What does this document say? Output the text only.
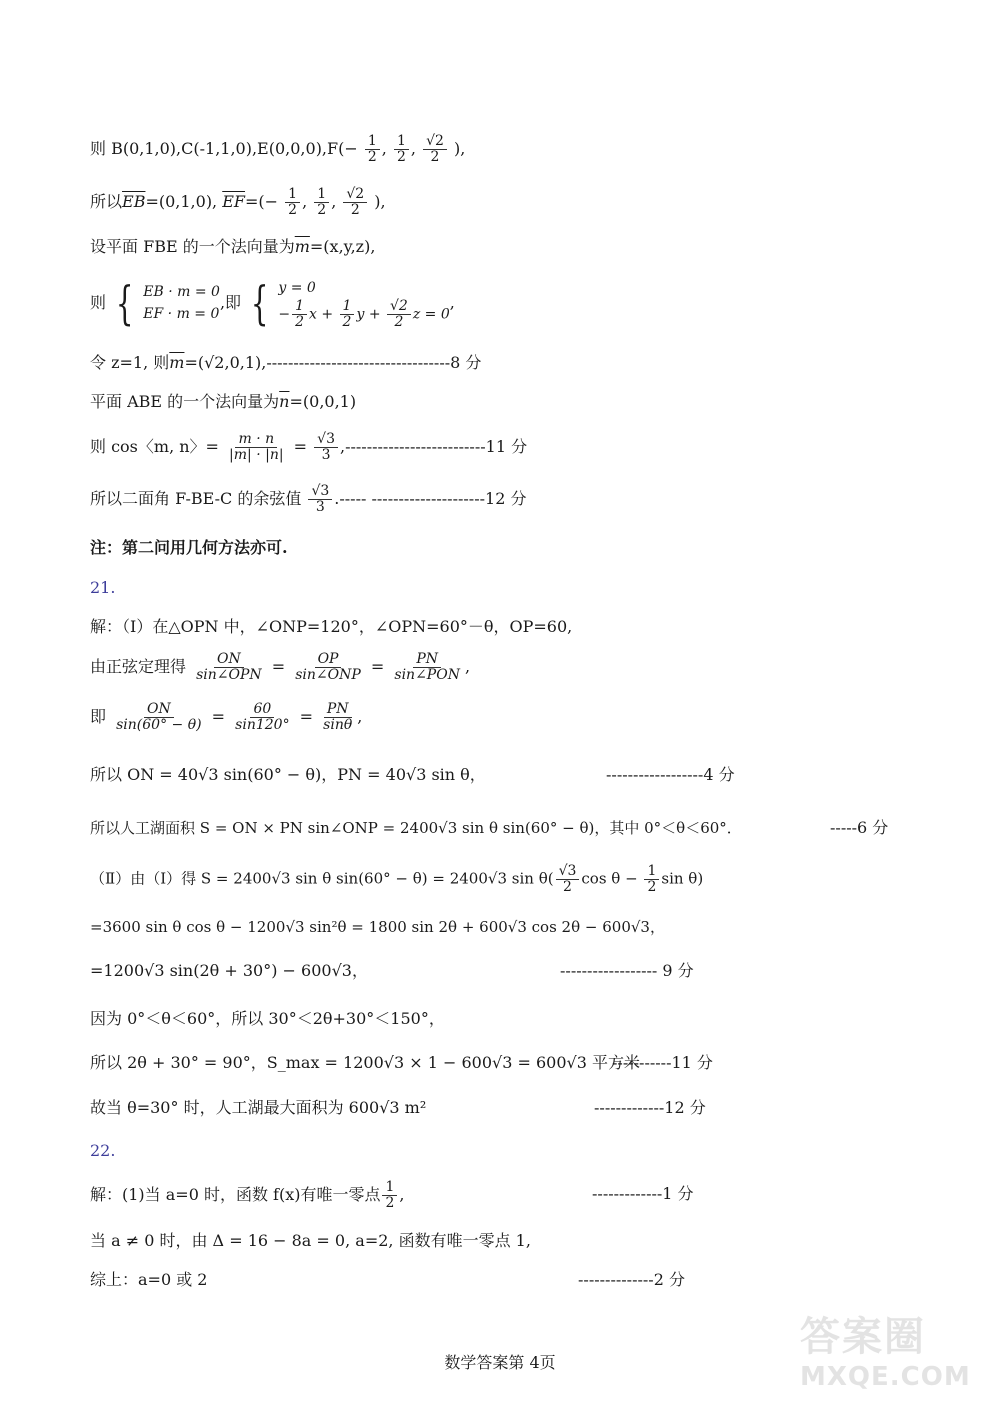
则 $B(0,1,0),C(-1,1,0),E(0,0,0),F(- \frac{1}{2}$ , $\frac{1}{2}$ , $\frac{√2}{2}$ ),
所以$\overline{EB}=(0,1,0)$, $\overline{EF}=(- \frac{1}{2}$ , $\frac{1}{2}$ , $\frac{√2}{2}$ ),
设平面 FBE 的一个法向量为$\overline{m}=(x,y,z)$,
则 { EB · m = 0
EF · m = 0
,即 { y = 0
− $\frac{1}{2}$ $x + \frac{1}{2}$ $y + \frac{√2}{2}$ z = 0
,
令 z=1, 则$\overline{m}=(√2,0,1),----------------------------------8$ 分
平面 ABE 的一个法向量为$\overline{n}=(0,0,1)$
则 cos〈m, n〉= $\frac{m \cdot n}{|m| \cdot |n|} = \frac{√3}{3} ,--------------------------11$ 分
所以二面角 F-BE-C 的余弦值 $\frac{√3}{3}$ .----- ---------------------12 分
注：第二问用几何方法亦可.
21.
解：（Ⅰ）在△OPN 中，∠ONP=120°，∠OPN=60°－θ，OP=60,
由正弦定理得 $\frac{ON}{\text{sin∠OPN}} = \frac{OP}{\text{sin∠ONP}} = \frac{PN}{\text{sin∠PON}}$ ,
即 $\frac{ON}{\sin(60^\circ - \theta)} = \frac{60}{\sin 120^\circ} = \frac{PN}{\sin\theta}$ ,
所以 ON = 40√3 sin(60° − θ)，PN = 40√3 sin θ，	------------------4 分
所以人工湖面积 S = ON × PN sin∠ONP = 2400√3 sin θ sin(60° − θ)，其中 0°＜θ＜60°．	-----6 分
（Ⅱ）由（Ⅰ）得 S = 2400√3 sin θ sin(60° − θ) = 2400√3 $\sin \theta( \frac{√3}{2}$ $\cos \theta - \frac{1}{2}$ sin θ)
=3600 sin θ cos θ − 1200√3 sin²θ = 1800 sin 2θ + 600√3 cos 2θ − 600√3，
=1200√3 sin(2θ + 30°) − 600√3，	------------------ 9 分
因为 0°＜θ＜60°，所以 30°＜2θ+30°＜150°，
所以 2θ + 30° = 90°，S_max = 1200√3 × 1 − 600√3 = 600√3 平方米
-----------11 分
故当 θ=30° 时，人工湖最大面积为 600√3 m²	-------------12 分
22.
解：(1)当 a=0 时，函数 f(x)有唯一零点 $\frac{1}{2}$ ,	-------------1 分
当 a ≠ 0 时，由 Δ = 16 − 8a = 0, a=2, 函数有唯一零点 1,
综上：a=0 或 2	--------------2 分
数学答案第 4页
答案圈
MXQE.COM
